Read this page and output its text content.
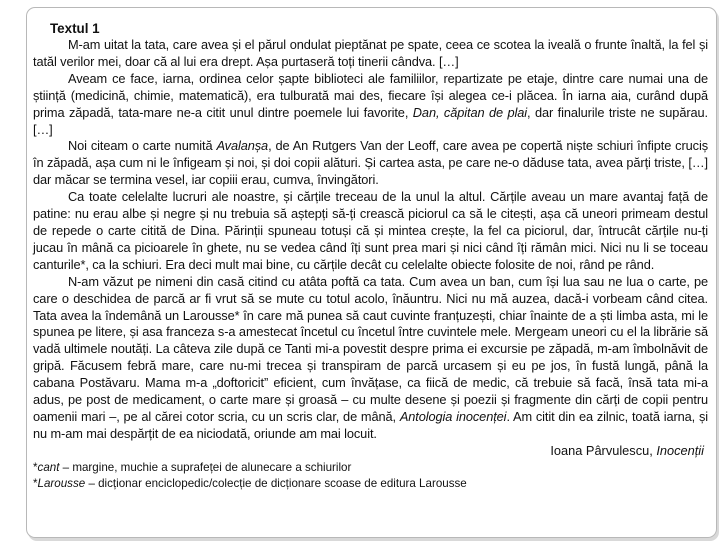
Textul 1

M-am uitat la tata, care avea și el părul ondulat pieptănat pe spate, ceea ce scotea la iveală o frunte înaltă, la fel și tatăl verilor mei, doar că al lui era drept. Așa purtaseră toți tinerii cândva. […]

Aveam ce face, iarna, ordinea celor șapte biblioteci ale familiilor, repartizate pe etaje, dintre care numai una de știință (medicină, chimie, matematică), era tulburată mai des, fiecare își alegea ce-i plăcea. În iarna aia, curând după prima zăpadă, tata-mare ne-a citit unul dintre poemele lui favorite, Dan, căpitan de plai, dar finalurile triste ne supărau. […]

Noi citeam o carte numită Avalanșa, de An Rutgers Van der Leoff, care avea pe copertă niște schiuri înfipte cruciș în zăpadă, așa cum ni le înfigeam și noi, și doi copii alături. Și cartea asta, pe care ne-o dăduse tata, avea părți triste, […] dar măcar se termina vesel, iar copiii erau, cumva, învingători.

Ca toate celelalte lucruri ale noastre, și cărțile treceau de la unul la altul. Cărțile aveau un mare avantaj față de patine: nu erau albe și negre și nu trebuia să aștepți să-ți crească piciorul ca să le citești, așa că uneori primeam destul de repede o carte citită de Dina. Părinții spuneau totuși că și mintea crește, la fel ca piciorul, dar, întrucât cărțile nu-ți jucau în mână ca picioarele în ghete, nu se vedea când îți sunt prea mari și nici când îți rămân mici. Nici nu li se toceau canturile*, ca la schiuri. Era deci mult mai bine, cu cărțile decât cu celelalte obiecte folosite de noi, rând pe rând.

N-am văzut pe nimeni din casă citind cu atâta poftă ca tata. Cum avea un ban, cum își lua sau ne lua o carte, pe care o deschidea de parcă ar fi vrut să se mute cu totul acolo, înăuntru. Nici nu mă auzea, dacă-i vorbeam când citea. Tata avea la îndemână un Larousse* în care mă punea să caut cuvinte franțuzești, chiar înainte de a ști limba asta, mi le spunea pe litere, și asa franceza s-a amestecat încetul cu încetul între cuvintele mele. Mergeam uneori cu el la librărie să vadă ultimele noutăți. La câteva zile după ce Tanti mi-a povestit despre prima ei excursie pe zăpadă, m-am îmbolnăvit de gripă. Făcusem febră mare, care nu-mi trecea și transpiram de parcă urcasem și eu pe jos, în fustă lungă, până la cabana Postăvaru. Mama m-a „doftoricit” eficient, cum învățase, ca fiică de medic, că trebuie să facă, însă tata mi-a adus, pe post de medicament, o carte mare și groasă – cu multe desene și poezii și fragmente din cărți de copii pentru oamenii mari –, pe al cărei cotor scria, cu un scris clar, de mână, Antologia inocenței. Am citit din ea zilnic, toată iarna, și nu m-am mai despărțit de ea niciodată, oriunde am mai locuit.

Ioana Pârvulescu, Inocenții

*cant – margine, muchie a suprafeței de alunecare a schiurilor
*Larousse – dicționar enciclopedic/colecție de dicționare scoase de editura Larousse
